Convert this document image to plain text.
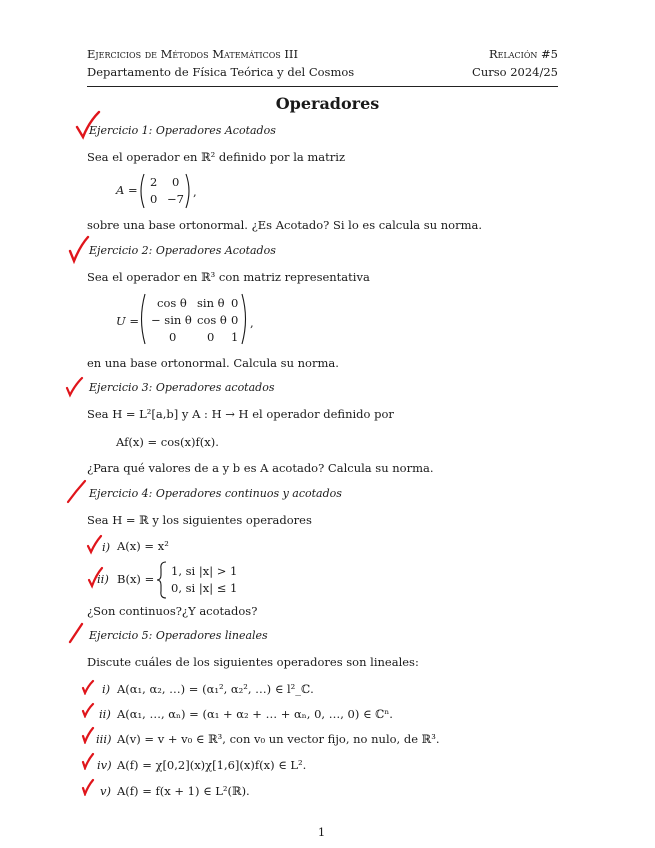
Ejercicios de Métodos Matemáticos III
Departamento de Física Teórica y del Cosmos
Relación #5
Curso 2024/25
Operadores
Ejercicio 1: Operadores Acotados
Sea el operador en ℝ² definido por la matriz
A =
2 0
0 −7 ,
sobre una base ortonormal. ¿Es Acotado? Si lo es calcula su norma.
Ejercicio 2: Operadores Acotados
Sea el operador en ℝ³ con matriz representativa
U =
cos θ sin θ 0
− sin θ cos θ 0
0	0 1
,
en una base ortonormal. Calcula su norma.
Ejercicio 3: Operadores acotados
Sea H = L²[a,b] y A : H → H el operador definido por
Af(x) = cos(x)f(x).
¿Para qué valores de a y b es A acotado? Calcula su norma.
Ejercicio 4: Operadores continuos y acotados
Sea H = ℝ y los siguientes operadores
i) A(x) = x²
ii) B(x) =
1, si |x| > 1
0, si |x| ≤ 1
¿Son continuos?¿Y acotados?
Ejercicio 5: Operadores lineales
Discute cuáles de los siguientes operadores son lineales:
i) A(α₁, α₂, …) = (α₁², α₂², …) ∈ l²_ℂ.
ii) A(α₁, …, αₙ) = (α₁ + α₂ + … + αₙ, 0, …, 0) ∈ ℂⁿ.
iii) A(v) = v + v₀ ∈ ℝ³, con v₀ un vector fijo, no nulo, de ℝ³.
iv) A(f) = χ[0,2](x)χ[1,6](x)f(x) ∈ L².
v) A(f) = f(x + 1) ∈ L²(ℝ).
1
